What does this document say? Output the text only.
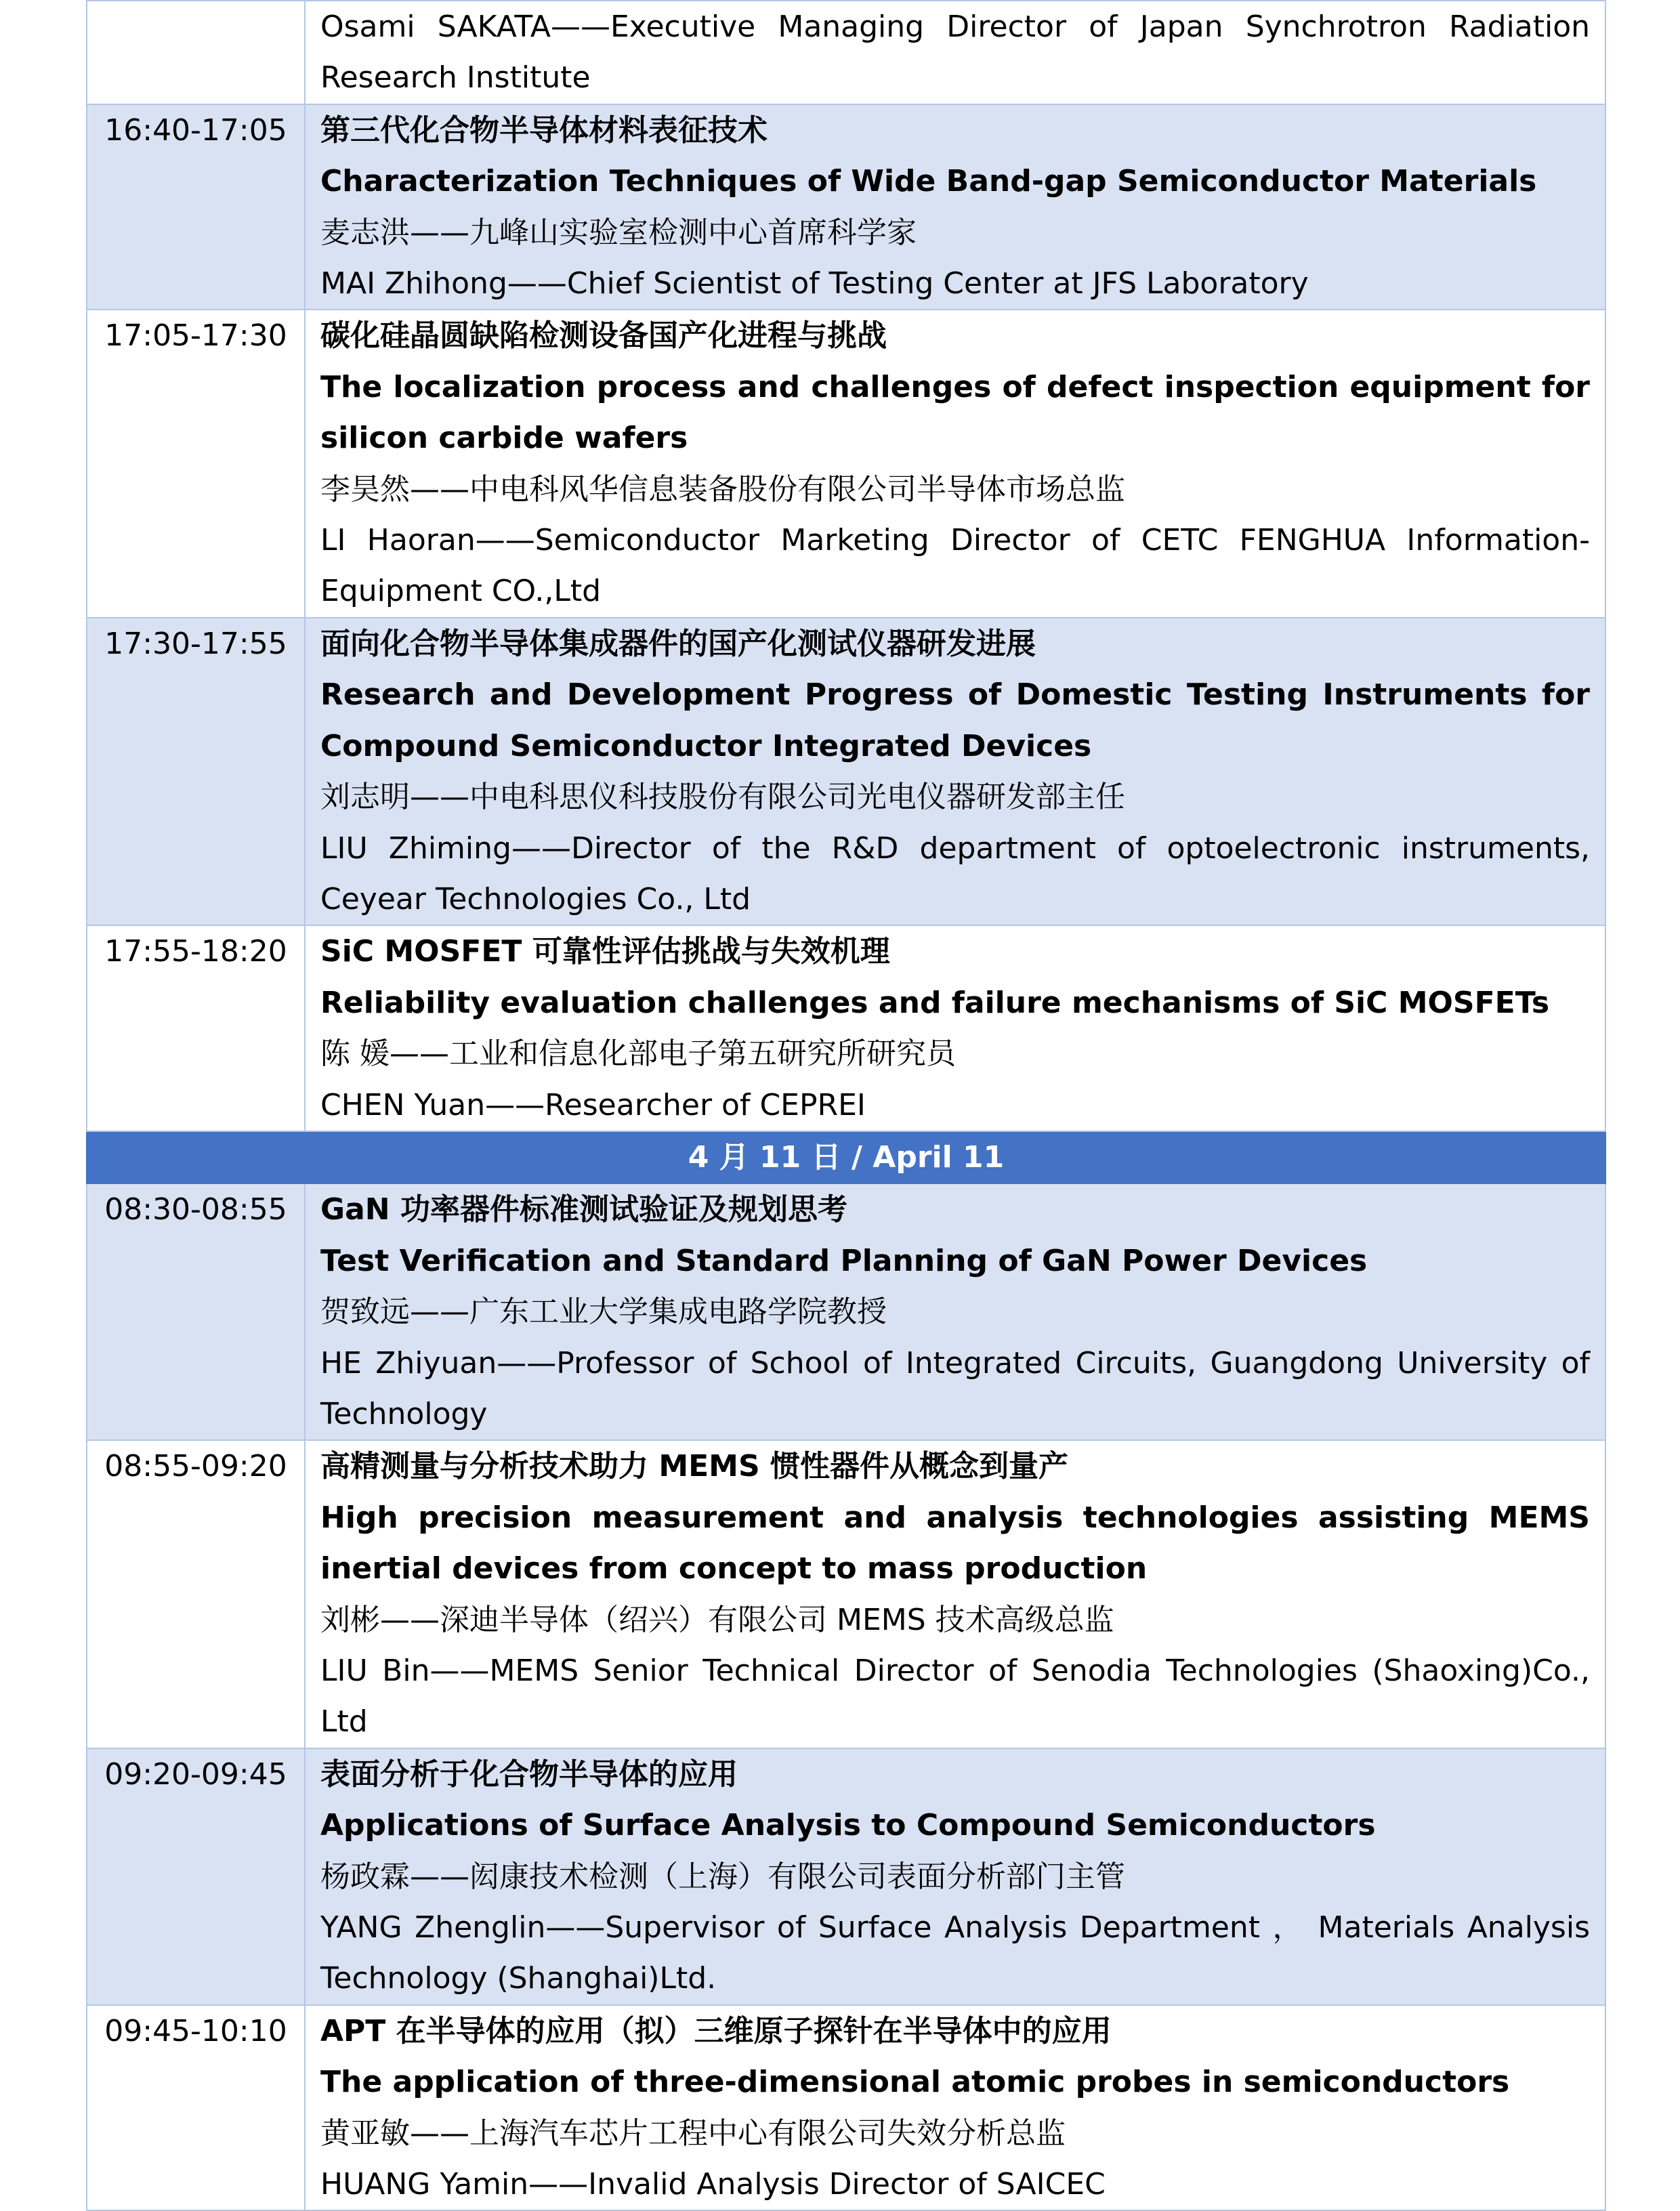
	Osami SAKATA——Executive Managing Director of Japan Synchrotron Radiation Research Institute

16:40-17:05	第三代化合物半导体材料表征技术
Characterization Techniques of Wide Band-gap Semiconductor Materials
麦志洪——九峰山实验室检测中心首席科学家
MAI Zhihong——Chief Scientist of Testing Center at JFS Laboratory

17:05-17:30	碳化硅晶圆缺陷检测设备国产化进程与挑战
The localization process and challenges of defect inspection equipment for silicon carbide wafers
李昊然——中电科风华信息装备股份有限公司半导体市场总监
LI Haoran——Semiconductor Marketing Director of CETC FENGHUA Information-Equipment CO.,Ltd

17:30-17:55	面向化合物半导体集成器件的国产化测试仪器研发进展
Research and Development Progress of Domestic Testing Instruments for Compound Semiconductor Integrated Devices
刘志明——中电科思仪科技股份有限公司光电仪器研发部主任
LIU Zhiming——Director of the R&D department of optoelectronic instruments, Ceyear Technologies Co., Ltd

17:55-18:20	SiC MOSFET 可靠性评估挑战与失效机理
Reliability evaluation challenges and failure mechanisms of SiC MOSFETs
陈 媛——工业和信息化部电子第五研究所研究员
CHEN Yuan——Researcher of CEPREI

4 月 11 日 / April 11	
08:30-08:55	GaN 功率器件标准测试验证及规划思考
Test Verification and Standard Planning of GaN Power Devices
贺致远——广东工业大学集成电路学院教授
HE Zhiyuan——Professor of School of Integrated Circuits, Guangdong University of Technology

08:55-09:20	高精测量与分析技术助力 MEMS 惯性器件从概念到量产
High precision measurement and analysis technologies assisting MEMS inertial devices from concept to mass production
刘彬——深迪半导体（绍兴）有限公司 MEMS 技术高级总监
LIU Bin——MEMS Senior Technical Director of Senodia Technologies (Shaoxing)Co., Ltd

09:20-09:45	表面分析于化合物半导体的应用
Applications of Surface Analysis to Compound Semiconductors
杨政霖——闳康技术检测（上海）有限公司表面分析部门主管
YANG Zhenglin——Supervisor of Surface Analysis Department ， Materials Analysis Technology (Shanghai)Ltd.

09:45-10:10	APT 在半导体的应用（拟）三维原子探针在半导体中的应用
The application of three-dimensional atomic probes in semiconductors
黄亚敏——上海汽车芯片工程中心有限公司失效分析总监
HUANG Yamin——Invalid Analysis Director of SAICEC
